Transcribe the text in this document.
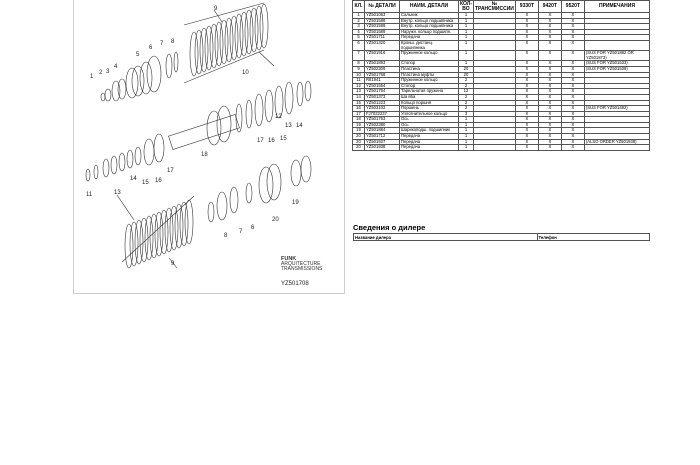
9
8
7
6
5
4
3
2
1
10
12
13 14
15
16
17
18
11	13
14
15 16
17
19
20
9
8
7
6
FUNK
ARQUITECTURE
TRANSMISSIONS
YZ501708
КЛ.	№ ДЕТАЛИ	НАИМ. ДЕТАЛИ	КОЛ-ВО	№ ТРАНСМИССИИ	9330T	9420T	9520T	ПРИМЕЧАНИЯ
1	YZ501063	Сальник	1		X	X	X	
2	YZ501588	Внутр. кольцо подшипника	1		X	X	X	
3	YZ501589	Внутр. кольцо подшипника	1		X	X	X	
4	YZ501589	Наружн. кольцо подшипн.	1		X	X	X	
5	YZ501711	Передача	1		X	X	X	
6	YZ501320	Кронш. дистанц. подшипника	1		X	X	X	
7	YZ501916	Пружинное кольцо	1		X	X	X	(SUS FOR YZ501882 OR YZ501873)
8	YZ501893	Стопор	1		X	X	X	(SUS FOR YZ501533)
9	YZ502309	Пластина	20		X	X	X	(SUS FOR YZ501539)
10	YZ501768	Пластина муфты	20		X	X	X	
11	R81941	Пружинное кольцо	2		X	X	X	
12	YZ501554	Стопор	2		X	X	X	
13	YZ501764	Тарельчатая пружина	12		X	X	X	
14	YZ501373	Ша йба	2		X	X	X	
15	YZ501223	Кольцо поршня	2		X	X	X	
16	YZ503102	Поршень	2		X	X	X	(SUS FOR YZ501482)
17	FJ7032237	Уплотнительное кольцо	3		X	X	X	
18	YZ501763	Ось	1		X	X	X	
19	YZ502380	Ось	1		X	X	X	
19	YZ501884	Шарикоподш. подшипник	1		X	X	X	
20	YZ501712	Передача	1		X	X	X	
20	YZ501937	Передача	1		X	X	X	(ALSO ORDER YZ501938)
20	YZ501938	Передача	1		X	X	X	
Сведения о дилере
Название дилера	Телефон
